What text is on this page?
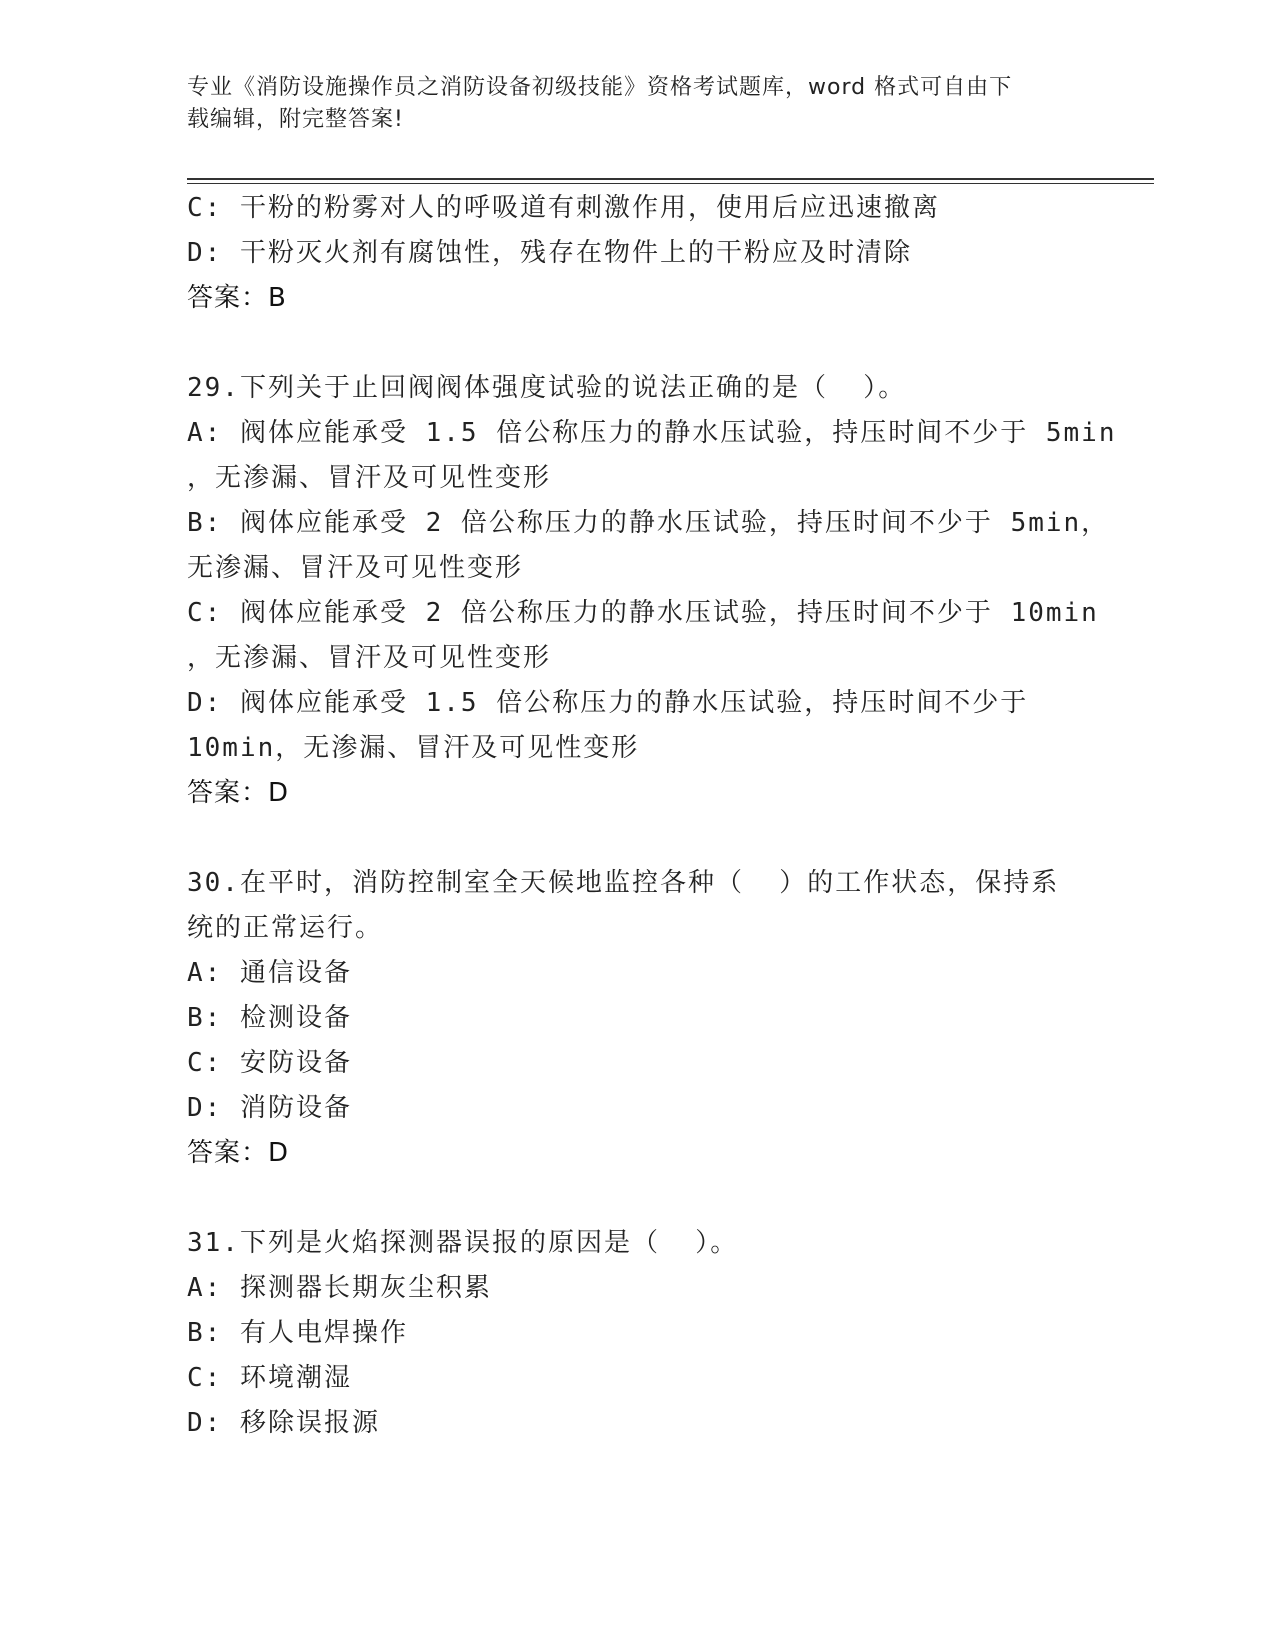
专业《消防设施操作员之消防设备初级技能》资格考试题库，word 格式可自由下
载编辑，附完整答案!
C: 干粉的粉雾对人的呼吸道有刺激作用，使用后应迅速撤离
D: 干粉灭火剂有腐蚀性，残存在物件上的干粉应及时清除
答案：B
29.下列关于止回阀阀体强度试验的说法正确的是（  ）。
A: 阀体应能承受 1.5 倍公称压力的静水压试验，持压时间不少于 5min
，无渗漏、冒汗及可见性变形
B: 阀体应能承受 2 倍公称压力的静水压试验，持压时间不少于 5min，
无渗漏、冒汗及可见性变形
C: 阀体应能承受 2 倍公称压力的静水压试验，持压时间不少于 10min
，无渗漏、冒汗及可见性变形
D: 阀体应能承受 1.5 倍公称压力的静水压试验，持压时间不少于
10min，无渗漏、冒汗及可见性变形
答案：D
30.在平时，消防控制室全天候地监控各种（  ）的工作状态，保持系
统的正常运行。
A: 通信设备
B: 检测设备
C: 安防设备
D: 消防设备
答案：D
31.下列是火焰探测器误报的原因是（  ）。
A: 探测器长期灰尘积累
B: 有人电焊操作
C: 环境潮湿
D: 移除误报源
